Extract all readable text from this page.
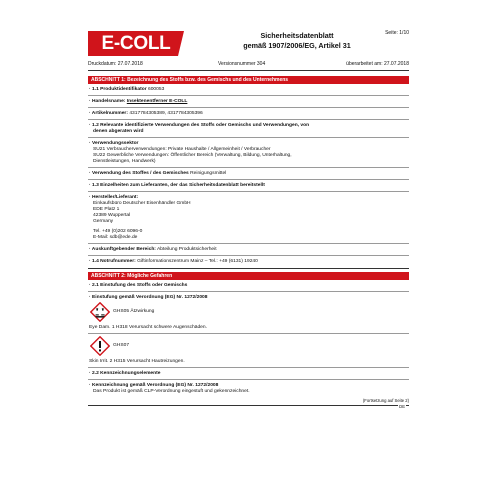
E-COLL	Sicherheitsdatenblatt
gemäß 1907/2006/EG, Artikel 31
Seite: 1/10
Druckdatum: 27.07.2018	Versionsnummer 304	überarbeitet am: 27.07.2018
ABSCHNITT 1: Bezeichnung des Stoffs bzw. des Gemischs und des Unternehmens
· 1.1 Produktidentifikator 600053
· Handelsname: Insektenentferner E-COLL
· Artikelnummer: 4317784305389, 4317784305396
· 1.2 Relevante identifizierte Verwendungen des Stoffs oder Gemischs und Verwendungen, von
denen abgeraten wird
· Verwendungssektor
SU21 Verbraucherverwendungen: Private Haushalte / Allgemeinheit / Verbraucher
SU22 Gewerbliche Verwendungen: Öffentlicher Bereich (Verwaltung, Bildung, Unterhaltung,
Dienstleistungen, Handwerk)
· Verwendung des Stoffes / des Gemisches Reinigungsmittel
· 1.3 Einzelheiten zum Lieferanten, der das Sicherheitsdatenblatt bereitstellt
· Hersteller/Lieferant:
Einkaufsbüro Deutscher Eisenhändler GmbH
EDE Platz 1
42389 Wuppertal
Germany
Tel. +49 (0)202 6096-0
E-Mail: sdb@ede.de
· Auskunftgebender Bereich: Abteilung Produktsicherheit
· 1.4 Notrufnummer: Giftinformationszentrum Mainz – Tel.: +49 (6131) 19240
ABSCHNITT 2: Mögliche Gefahren
· 2.1 Einstufung des Stoffs oder Gemischs
· Einstufung gemäß Verordnung (EG) Nr. 1272/2008
GHS05 Ätzwirkung
Eye Dam. 1 H318 Verursacht schwere Augenschäden.
GHS07
Skin Irrit. 2 H315 Verursacht Hautreizungen.
· 2.2 Kennzeichnungselemente
· Kennzeichnung gemäß Verordnung (EG) Nr. 1272/2008
Das Produkt ist gemäß CLP-Verordnung eingestuft und gekennzeichnet.
(Fortsetzung auf Seite 2)
DE
